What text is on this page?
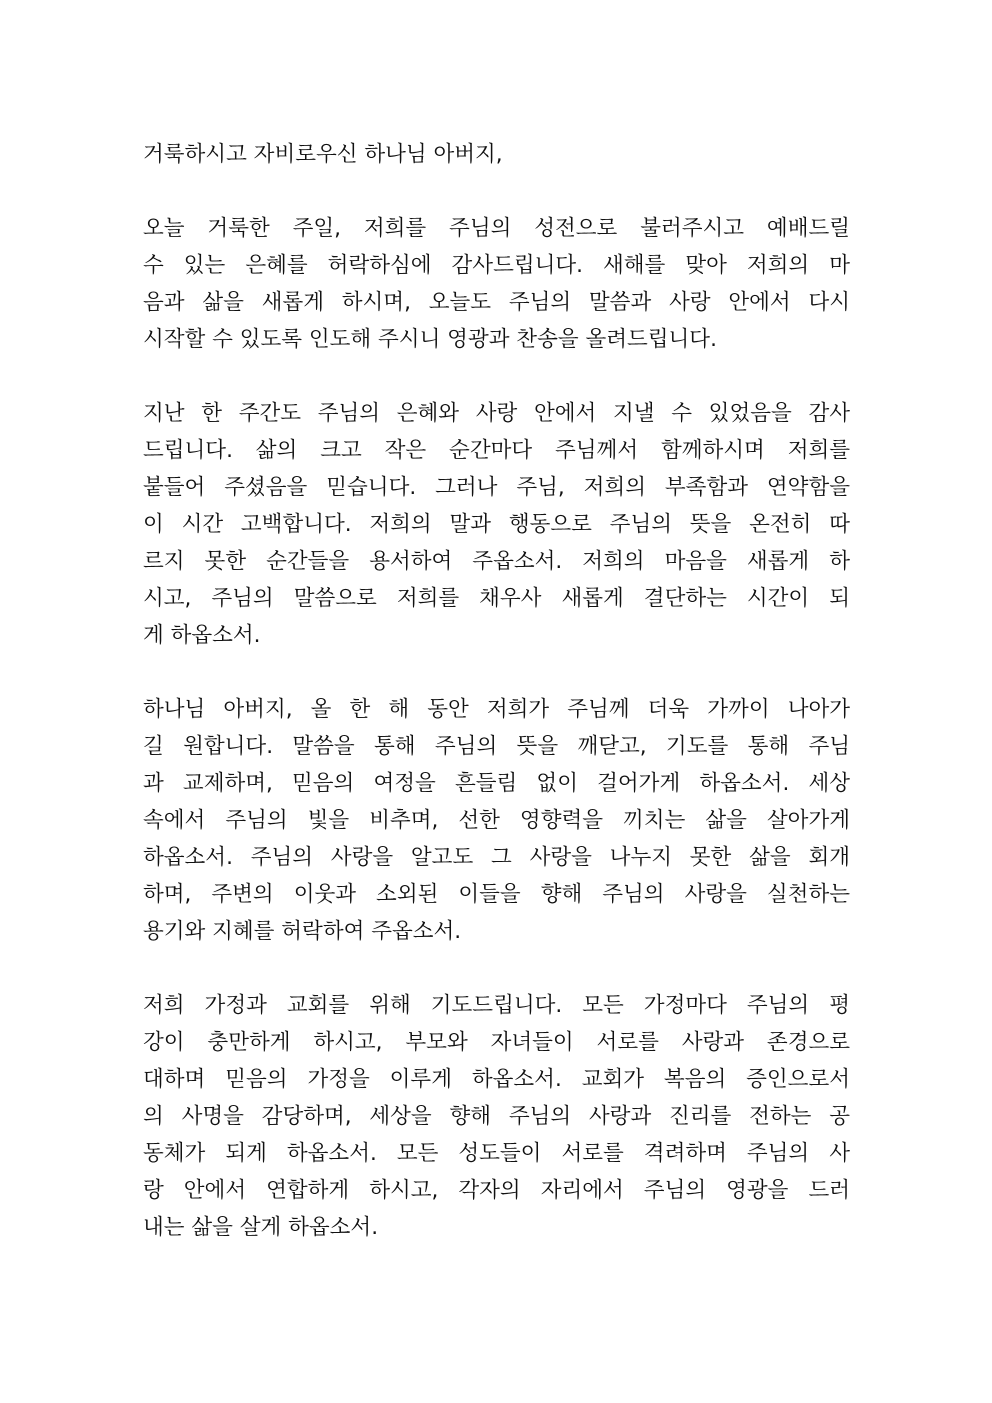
거룩하시고 자비로우신 하나님 아버지,
오늘 거룩한 주일, 저희를 주님의 성전으로 불러주시고 예배드릴
수 있는 은혜를 허락하심에 감사드립니다. 새해를 맞아 저희의 마
음과 삶을 새롭게 하시며, 오늘도 주님의 말씀과 사랑 안에서 다시
시작할 수 있도록 인도해 주시니 영광과 찬송을 올려드립니다.
지난 한 주간도 주님의 은혜와 사랑 안에서 지낼 수 있었음을 감사
드립니다. 삶의 크고 작은 순간마다 주님께서 함께하시며 저희를
붙들어 주셨음을 믿습니다. 그러나 주님, 저희의 부족함과 연약함을
이 시간 고백합니다. 저희의 말과 행동으로 주님의 뜻을 온전히 따
르지 못한 순간들을 용서하여 주옵소서. 저희의 마음을 새롭게 하
시고, 주님의 말씀으로 저희를 채우사 새롭게 결단하는 시간이 되
게 하옵소서.
하나님 아버지, 올 한 해 동안 저희가 주님께 더욱 가까이 나아가
길 원합니다. 말씀을 통해 주님의 뜻을 깨닫고, 기도를 통해 주님
과 교제하며, 믿음의 여정을 흔들림 없이 걸어가게 하옵소서. 세상
속에서 주님의 빛을 비추며, 선한 영향력을 끼치는 삶을 살아가게
하옵소서. 주님의 사랑을 알고도 그 사랑을 나누지 못한 삶을 회개
하며, 주변의 이웃과 소외된 이들을 향해 주님의 사랑을 실천하는
용기와 지혜를 허락하여 주옵소서.
저희 가정과 교회를 위해 기도드립니다. 모든 가정마다 주님의 평
강이 충만하게 하시고, 부모와 자녀들이 서로를 사랑과 존경으로
대하며 믿음의 가정을 이루게 하옵소서. 교회가 복음의 증인으로서
의 사명을 감당하며, 세상을 향해 주님의 사랑과 진리를 전하는 공
동체가 되게 하옵소서. 모든 성도들이 서로를 격려하며 주님의 사
랑 안에서 연합하게 하시고, 각자의 자리에서 주님의 영광을 드러
내는 삶을 살게 하옵소서.
